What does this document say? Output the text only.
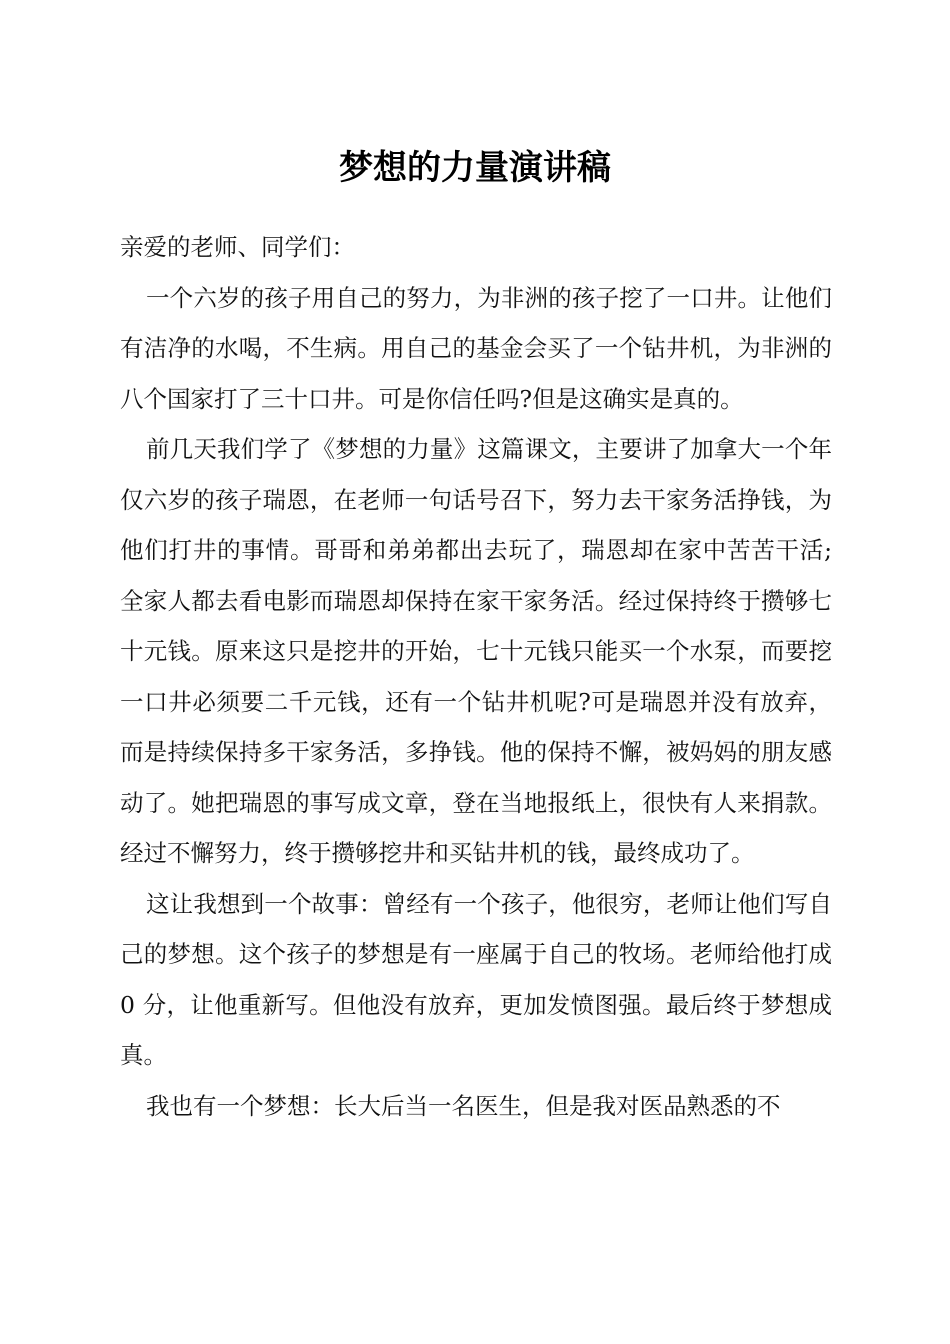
梦想的力量演讲稿

亲爱的老师、同学们：

一个六岁的孩子用自己的努力，为非洲的孩子挖了一口井。让他们有洁净的水喝，不生病。用自己的基金会买了一个钻井机，为非洲的八个国家打了三十口井。可是你信任吗?但是这确实是真的。

前几天我们学了《梦想的力量》这篇课文，主要讲了加拿大一个年仅六岁的孩子瑞恩，在老师一句话号召下，努力去干家务活挣钱，为他们打井的事情。哥哥和弟弟都出去玩了，瑞恩却在家中苦苦干活;全家人都去看电影而瑞恩却保持在家干家务活。经过保持终于攒够七十元钱。原来这只是挖井的开始，七十元钱只能买一个水泵，而要挖一口井必须要二千元钱，还有一个钻井机呢?可是瑞恩并没有放弃，而是持续保持多干家务活，多挣钱。他的保持不懈，被妈妈的朋友感动了。她把瑞恩的事写成文章，登在当地报纸上，很快有人来捐款。经过不懈努力，终于攒够挖井和买钻井机的钱，最终成功了。

这让我想到一个故事：曾经有一个孩子，他很穷，老师让他们写自己的梦想。这个孩子的梦想是有一座属于自己的牧场。老师给他打成0 分，让他重新写。但他没有放弃，更加发愤图强。最后终于梦想成真。

我也有一个梦想：长大后当一名医生，但是我对医品熟悉的不
